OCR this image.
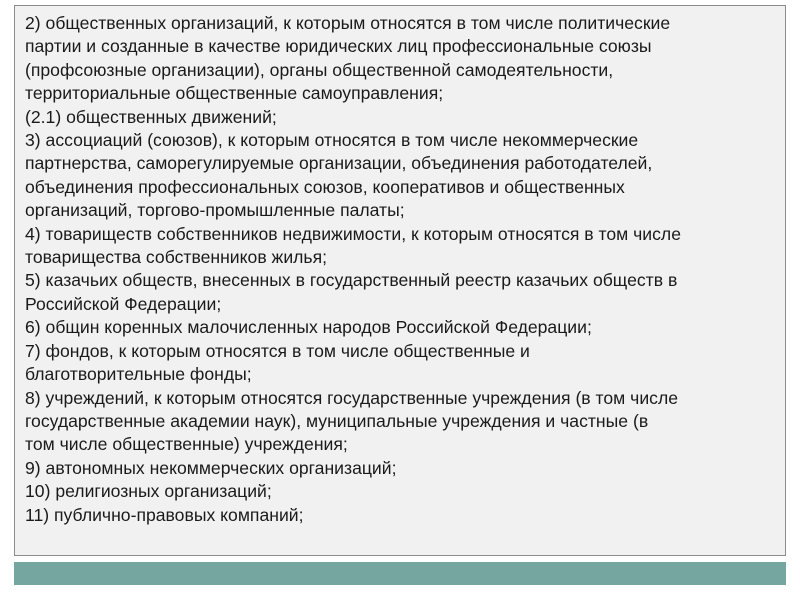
2) общественных организаций, к которым относятся в том числе политические
партии и созданные в качестве юридических лиц профессиональные союзы
(профсоюзные организации), органы общественной самодеятельности,
территориальные общественные самоуправления;
(2.1) общественных движений;
3) ассоциаций (союзов), к которым относятся в том числе некоммерческие
партнерства, саморегулируемые организации, объединения работодателей,
объединения профессиональных союзов, кооперативов и общественных
организаций, торгово-промышленные палаты;
4) товариществ собственников недвижимости, к которым относятся в том числе
товарищества собственников жилья;
5) казачьих обществ, внесенных в государственный реестр казачьих обществ в
Российской Федерации;
6) общин коренных малочисленных народов Российской Федерации;
7) фондов, к которым относятся в том числе общественные и
благотворительные фонды;
8) учреждений, к которым относятся государственные учреждения (в том числе
государственные академии наук), муниципальные учреждения и частные (в
том числе общественные) учреждения;
9) автономных некоммерческих организаций;
10) религиозных организаций;
11) публично-правовых компаний;
